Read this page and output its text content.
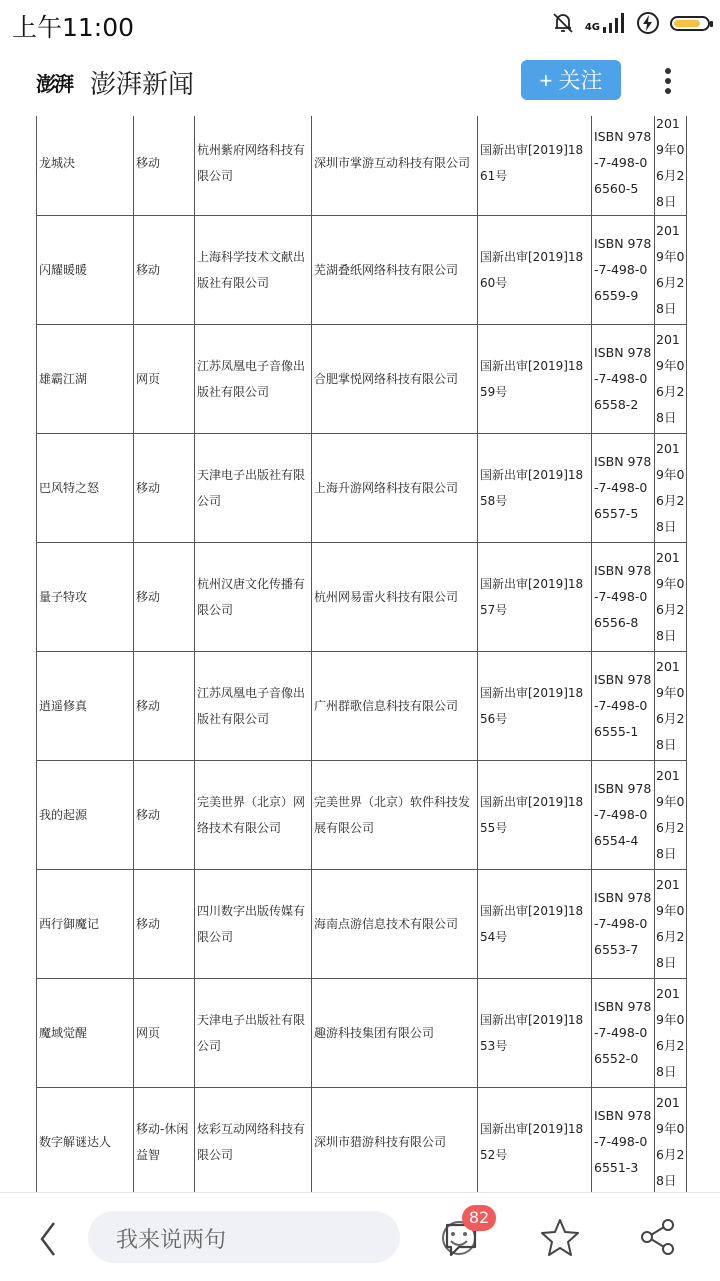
上午11:00	4G
澎湃 澎湃新闻	+ 关注
龙城决	移动	杭州紫府网络科技有限公司	深圳市掌游互动科技有限公司	国新出审[2019]1861号	ISBN 978-7-498-06560-5	2019年06月28日
闪耀暖暖	移动	上海科学技术文献出版社有限公司	芜湖叠纸网络科技有限公司	国新出审[2019]1860号	ISBN 978-7-498-06559-9	2019年06月28日
雄霸江湖	网页	江苏凤凰电子音像出版社有限公司	合肥掌悦网络科技有限公司	国新出审[2019]1859号	ISBN 978-7-498-06558-2	2019年06月28日
巴风特之怒	移动	天津电子出版社有限公司	上海升游网络科技有限公司	国新出审[2019]1858号	ISBN 978-7-498-06557-5	2019年06月28日
量子特攻	移动	杭州汉唐文化传播有限公司	杭州网易雷火科技有限公司	国新出审[2019]1857号	ISBN 978-7-498-06556-8	2019年06月28日
逍遥修真	移动	江苏凤凰电子音像出版社有限公司	广州群歌信息科技有限公司	国新出审[2019]1856号	ISBN 978-7-498-06555-1	2019年06月28日
我的起源	移动	完美世界（北京）网络技术有限公司	完美世界（北京）软件科技发展有限公司	国新出审[2019]1855号	ISBN 978-7-498-06554-4	2019年06月28日
西行御魔记	移动	四川数字出版传媒有限公司	海南点游信息技术有限公司	国新出审[2019]1854号	ISBN 978-7-498-06553-7	2019年06月28日
魔域觉醒	网页	天津电子出版社有限公司	趣游科技集团有限公司	国新出审[2019]1853号	ISBN 978-7-498-06552-0	2019年06月28日
数字解谜达人	移动-休闲益智	炫彩互动网络科技有限公司	深圳市猎游科技有限公司	国新出审[2019]1852号	ISBN 978-7-498-06551-3	2019年06月28日

我来说两句
82
